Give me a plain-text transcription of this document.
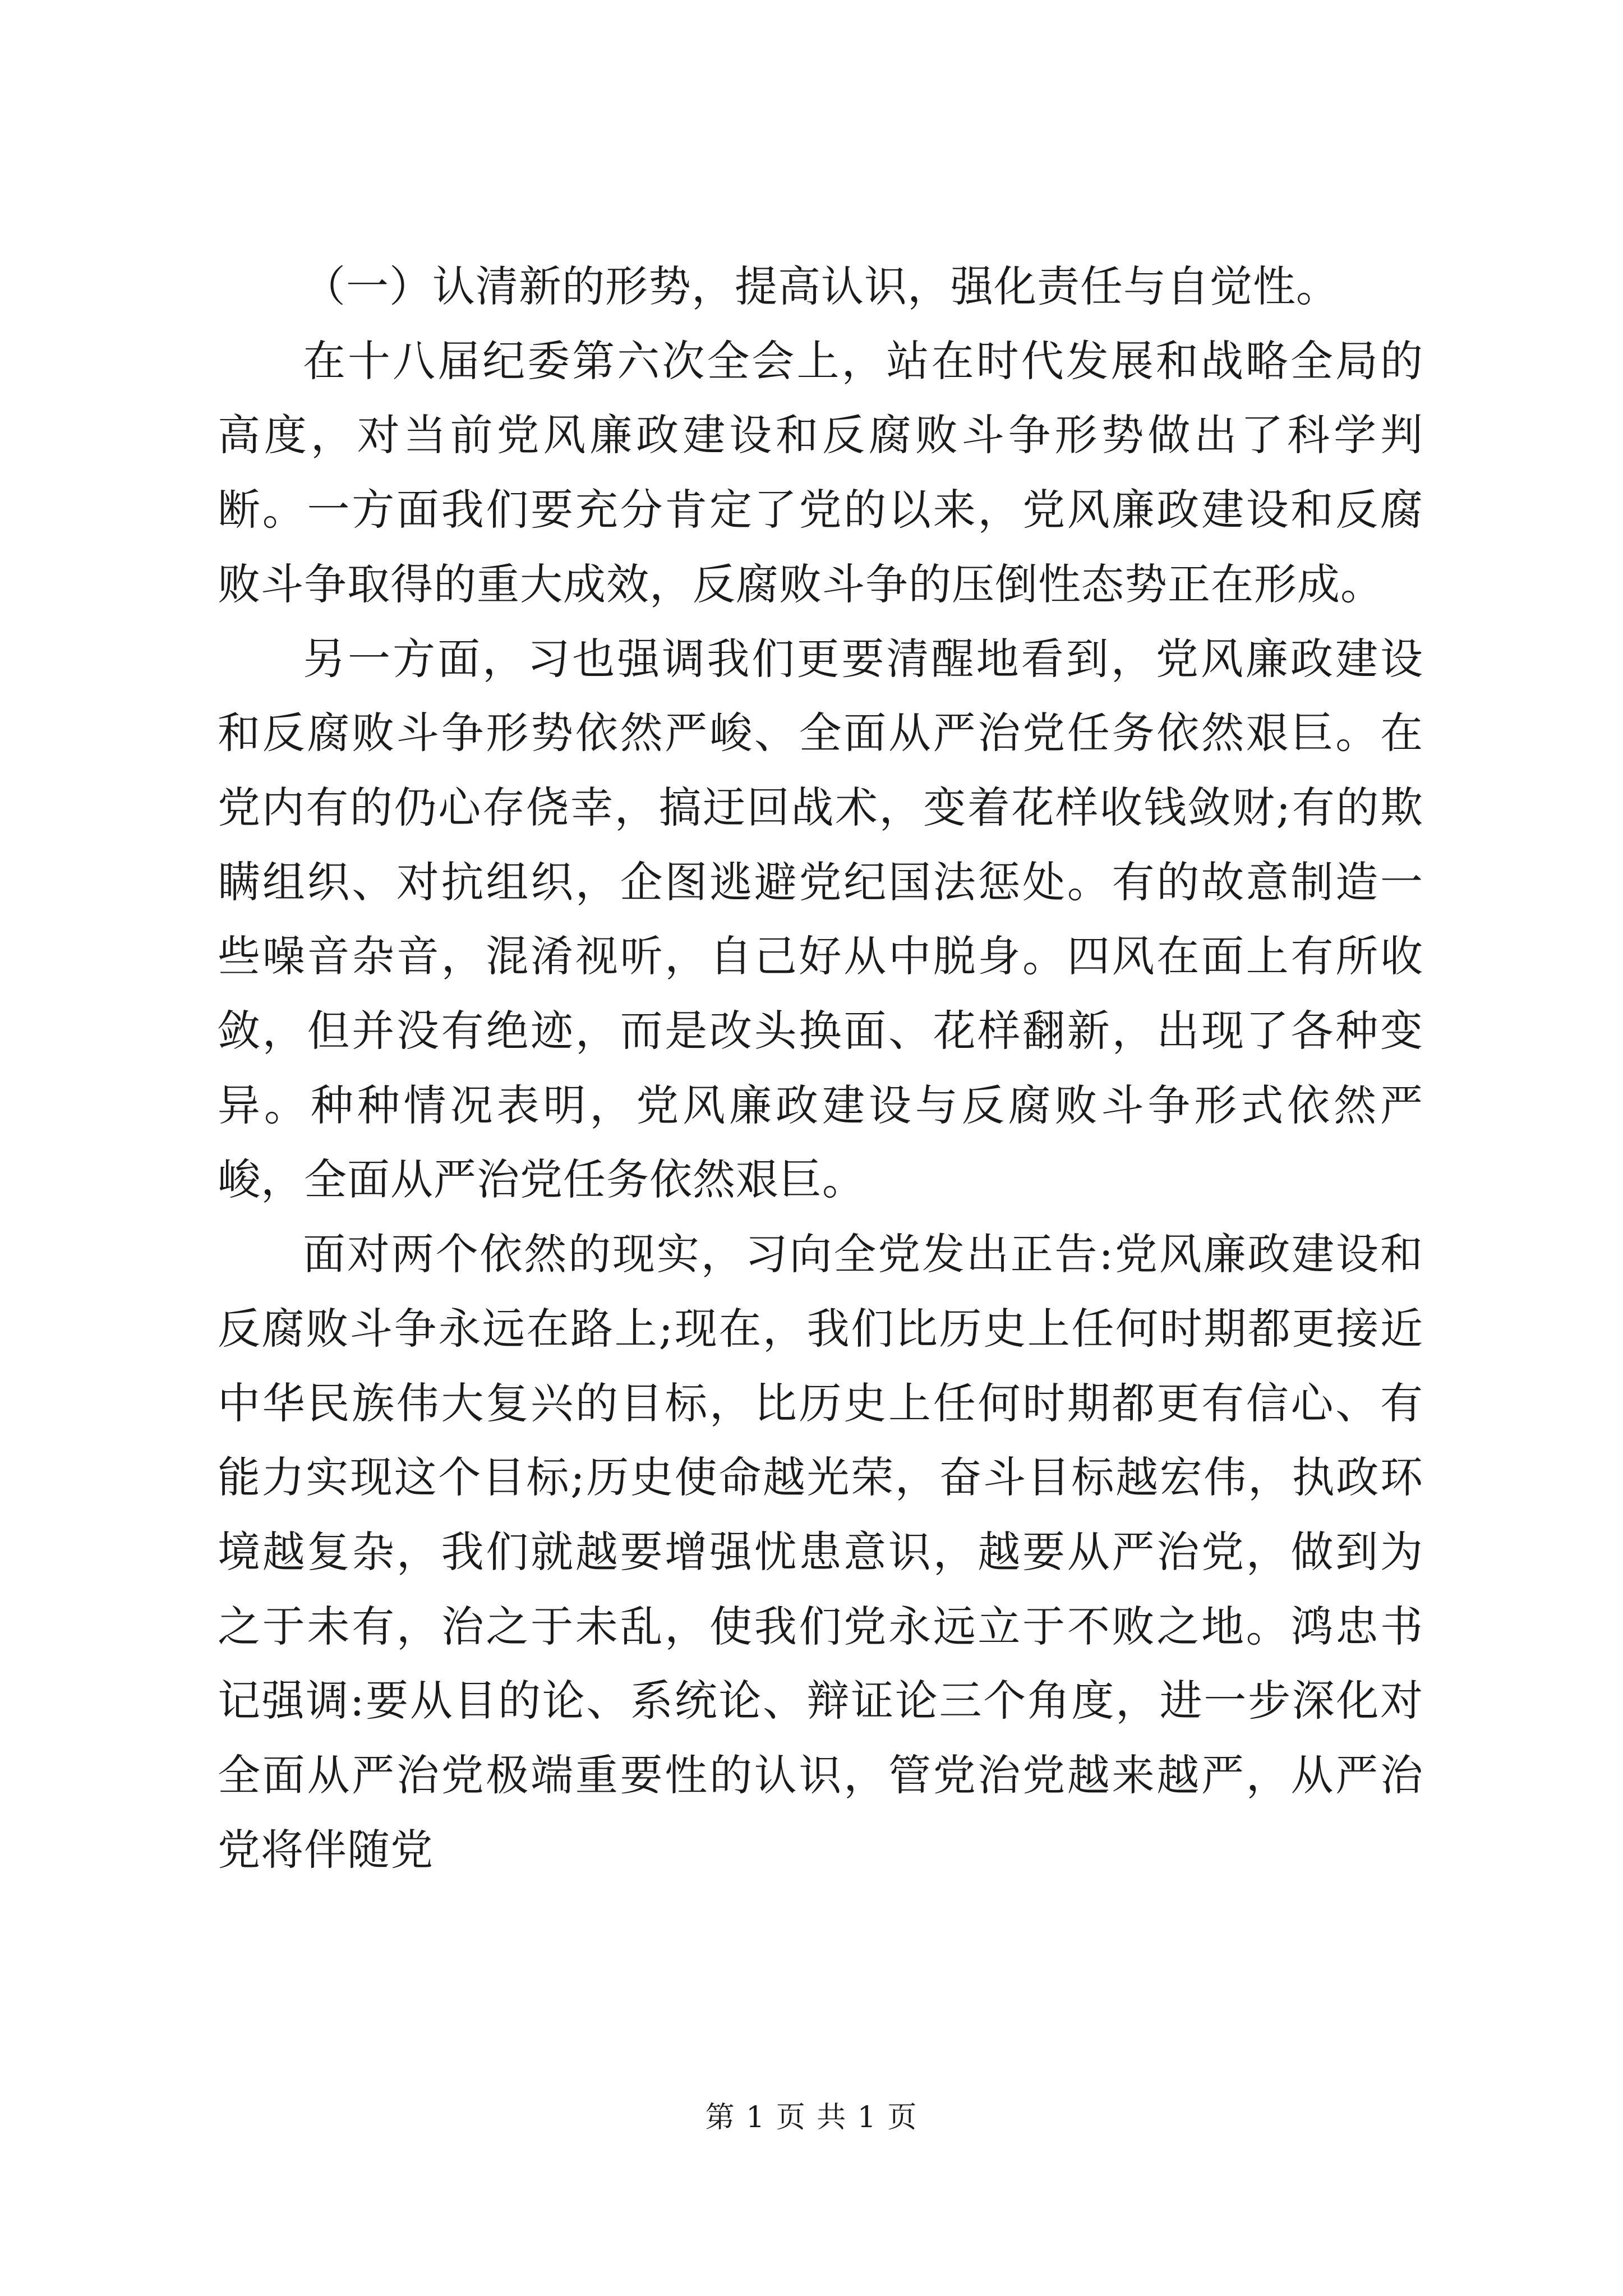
（一）认清新的形势，提高认识，强化责任与自觉性。

在十八届纪委第六次全会上，站在时代发展和战略全局的高度，对当前党风廉政建设和反腐败斗争形势做出了科学判断。一方面我们要充分肯定了党的以来，党风廉政建设和反腐败斗争取得的重大成效，反腐败斗争的压倒性态势正在形成。

另一方面，习也强调我们更要清醒地看到，党风廉政建设和反腐败斗争形势依然严峻、全面从严治党任务依然艰巨。在党内有的仍心存侥幸，搞迂回战术，变着花样收钱敛财;有的欺瞒组织、对抗组织，企图逃避党纪国法惩处。有的故意制造一些噪音杂音，混淆视听，自己好从中脱身。四风在面上有所收敛，但并没有绝迹，而是改头换面、花样翻新，出现了各种变异。种种情况表明，党风廉政建设与反腐败斗争形式依然严峻，全面从严治党任务依然艰巨。

面对两个依然的现实，习向全党发出正告:党风廉政建设和反腐败斗争永远在路上;现在，我们比历史上任何时期都更接近中华民族伟大复兴的目标，比历史上任何时期都更有信心、有能力实现这个目标;历史使命越光荣，奋斗目标越宏伟，执政环境越复杂，我们就越要增强忧患意识，越要从严治党，做到为之于未有，治之于未乱，使我们党永远立于不败之地。鸿忠书记强调:要从目的论、系统论、辩证论三个角度，进一步深化对全面从严治党极端重要性的认识，管党治党越来越严，从严治党将伴随党

第 1 页 共 1 页
